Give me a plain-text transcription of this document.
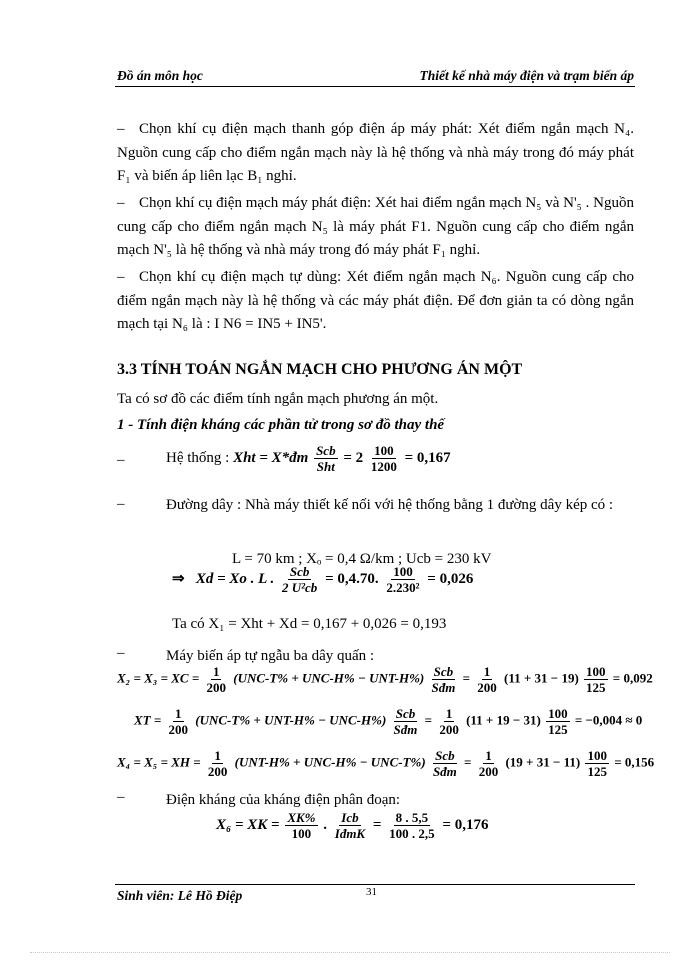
Đồ án môn học	Thiết kế nhà máy điện và trạm biến áp
– Chọn khí cụ điện mạch thanh góp điện áp máy phát: Xét điểm ngắn mạch N₄. Nguồn cung cấp cho điểm ngắn mạch này là hệ thống và nhà máy trong đó máy phát F₁ và biến áp liên lạc B₁ nghỉ.
– Chọn khí cụ điện mạch máy phát điện: Xét hai điểm ngắn mạch N₅ và N'₅ . Nguồn cung cấp cho điểm ngắn mạch N₅ là máy phát F1. Nguồn cung cấp cho điểm ngắn mạch N'₅ là hệ thống và nhà máy trong đó máy phát F₁ nghỉ.
– Chọn khí cụ điện mạch tự dùng: Xét điểm ngắn mạch N₆. Nguồn cung cấp cho điểm ngắn mạch này là hệ thống và các máy phát điện. Để đơn giản ta có dòng ngắn mạch tại N₆ là : I N6 = IN5 + IN5'.
3.3 TÍNH TOÁN NGẮN MẠCH CHO PHƯƠNG ÁN MỘT
Ta có sơ đồ các điểm tính ngắn mạch phương án một.
1 - Tính điện kháng các phần tử trong sơ đồ thay thế
–	Hệ thống : Xht = X*đm $\frac{\text{Scb}}{\text{Sht}} = 2 \frac{100}{1200} = 0,167$
–	Đường dây : Nhà máy thiết kế nối với hệ thống bằng 1 đường dây kép có :
L = 70 km ; Xₒ = 0,4 Ω/km ; Ucb = 230 kV
⇒ Xd = Xo . L . $\frac{\text{Scb}}{\text{2 U²cb}} = 0,4.70$. $\frac{100}{\text{2.230²}} = 0,026$
Ta có X₁ = Xht + Xd = 0,167 + 0,026 = 0,193
–	Máy biến áp tự ngẫu ba dây quấn :
X₂ = X₃ = XC = $\frac{1}{200} (UNC-T\% + UNC-H\% - UNT-H\%) \frac{\text{Scb}}{\text{Sđm}} = \frac{1}{200} (11 + 31 - 19) \frac{100}{125} = 0,092$
XT = $\frac{1}{200} (UNC-T\% + UNT-H\% - UNC-H\%) \frac{\text{Scb}}{\text{Sđm}} = \frac{1}{200} (11 + 19 - 31) \frac{100}{125} = -0,004 \approx 0$
X₄ = X₅ = XH = $\frac{1}{200} (UNT-H\% + UNC-H\% - UNC-T\%) \frac{\text{Scb}}{\text{Sđm}} = \frac{1}{200} (19 + 31 - 11) \frac{100}{125} = 0,156$
–	Điện kháng của kháng điện phân đoạn:
X₆ = XK = $\frac{XK\%}{100}$ . $\frac{\text{Icb}}{\text{IđmK}} = \frac{8 . 5,5}{100 . 2,5} = 0,176$
31
Sinh viên: Lê Hồ Điệp
